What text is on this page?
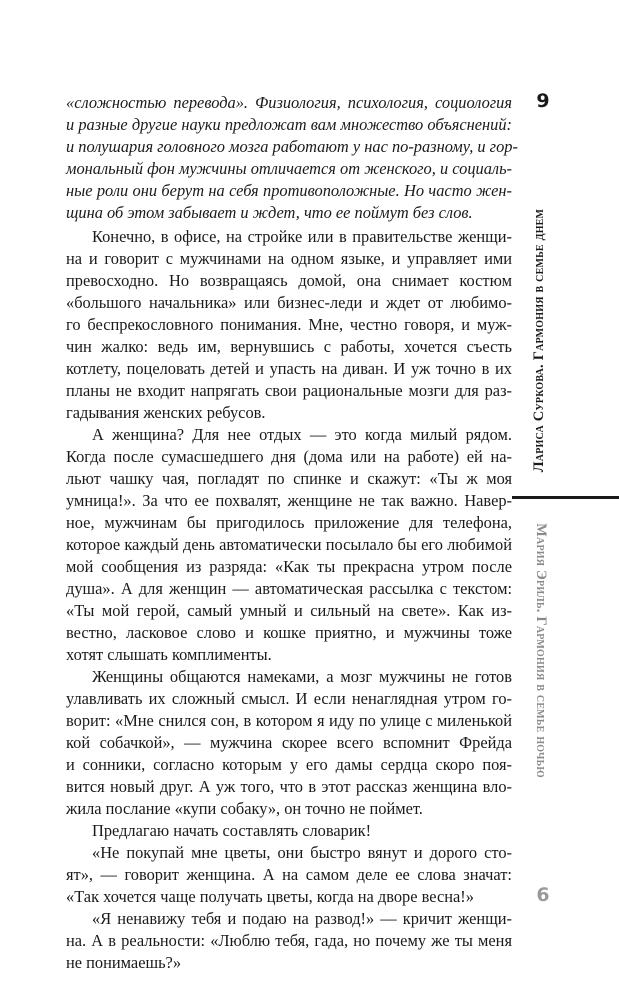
«сложностью перевода». Физиология, психология, социология
и разные другие науки предложат вам множество объяснений:
и полушария головного мозга работают у нас по-разному, и гор-
мональный фон мужчины отличается от женского, и социаль-
ные роли они берут на себя противоположные. Но часто жен-
щина об этом забывает и ждет, что ее поймут без слов.
Конечно, в офисе, на стройке или в правительстве женщи-
на и говорит с мужчинами на одном языке, и управляет ими
превосходно. Но возвращаясь домой, она снимает костюм
«большого начальника» или бизнес-леди и ждет от любимо-
го беспрекословного понимания. Мне, честно говоря, и муж-
чин жалко: ведь им, вернувшись с работы, хочется съесть
котлету, поцеловать детей и упасть на диван. И уж точно в их
планы не входит напрягать свои рациональные мозги для раз-
гадывания женских ребусов.
А женщина? Для нее отдых — это когда милый рядом.
Когда после сумасшедшего дня (дома или на работе) ей на-
льют чашку чая, погладят по спинке и скажут: «Ты ж моя
умница!». За что ее похвалят, женщине не так важно. Навер-
ное, мужчинам бы пригодилось приложение для телефона,
которое каждый день автоматически посылало бы его любимой
мой сообщения из разряда: «Как ты прекрасна утром после
душа». А для женщин — автоматическая рассылка с текстом:
«Ты мой герой, самый умный и сильный на свете». Как из-
вестно, ласковое слово и кошке приятно, и мужчины тоже
хотят слышать комплименты.
Женщины общаются намеками, а мозг мужчины не готов
улавливать их сложный смысл. И если ненаглядная утром го-
ворит: «Мне снился сон, в котором я иду по улице с миленькой
кой собачкой», — мужчина скорее всего вспомнит Фрейда
и сонники, согласно которым у его дамы сердца скоро поя-
вится новый друг. А уж того, что в этот рассказ женщина вло-
жила послание «купи собаку», он точно не поймет.
Предлагаю начать составлять словарик!
«Не покупай мне цветы, они быстро вянут и дорого сто-
ят», — говорит женщина. А на самом деле ее слова значат:
«Так хочется чаще получать цветы, когда на дворе весна!»
«Я ненавижу тебя и подаю на развод!» — кричит женщи-
на. А в реальности: «Люблю тебя, гада, но почему же ты меня
не понимаешь?»
9
Лариса Суркова. Гармония в семье днем
Мария Эриль. Гармония в семье ночью
6
